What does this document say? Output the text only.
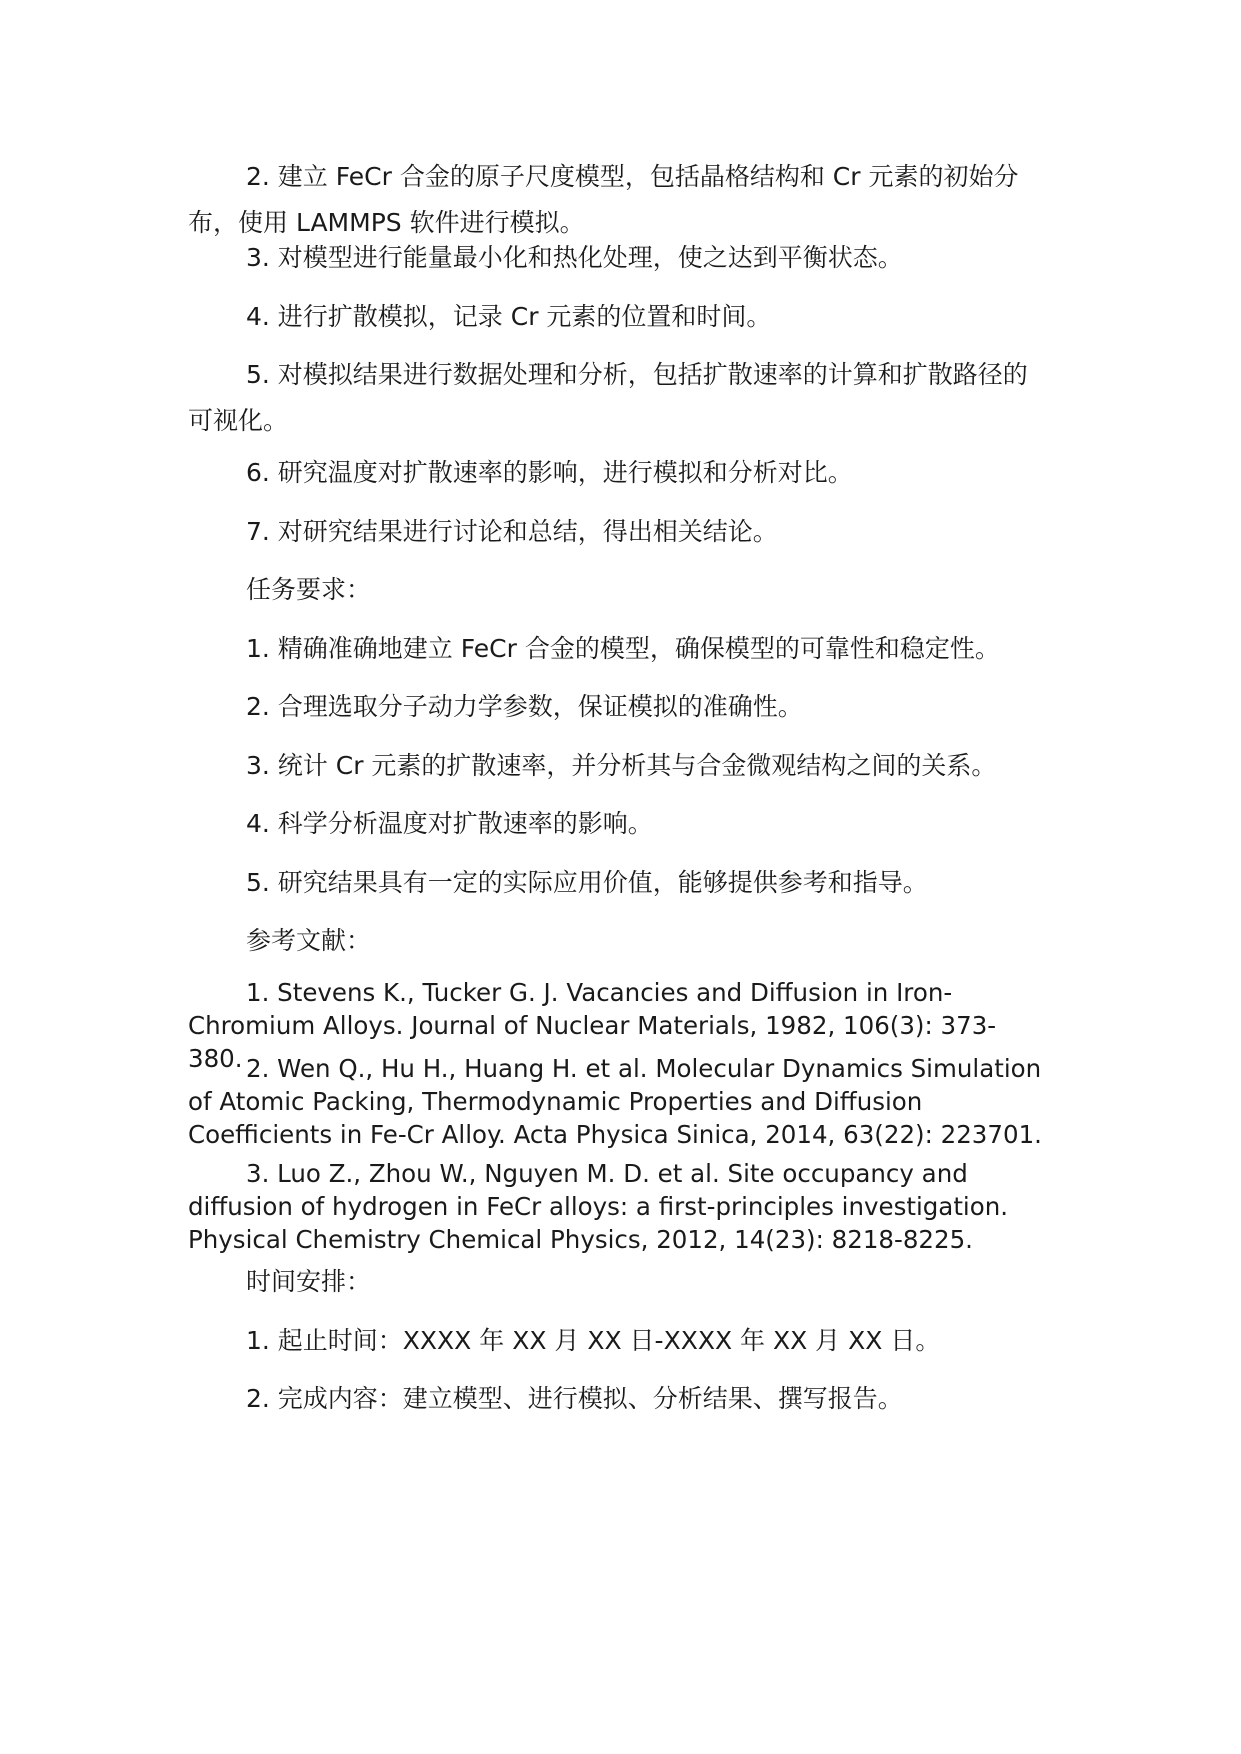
2. 建立 FeCr 合金的原子尺度模型，包括晶格结构和 Cr 元素的初始分布，使用 LAMMPS 软件进行模拟。

3. 对模型进行能量最小化和热化处理，使之达到平衡状态。

4. 进行扩散模拟，记录 Cr 元素的位置和时间。

5. 对模拟结果进行数据处理和分析，包括扩散速率的计算和扩散路径的可视化。

6. 研究温度对扩散速率的影响，进行模拟和分析对比。

7. 对研究结果进行讨论和总结，得出相关结论。

任务要求：

1. 精确准确地建立 FeCr 合金的模型，确保模型的可靠性和稳定性。

2. 合理选取分子动力学参数，保证模拟的准确性。

3. 统计 Cr 元素的扩散速率，并分析其与合金微观结构之间的关系。

4. 科学分析温度对扩散速率的影响。

5. 研究结果具有一定的实际应用价值，能够提供参考和指导。

参考文献：

1. Stevens K., Tucker G. J. Vacancies and Diffusion in Iron-Chromium Alloys. Journal of Nuclear Materials, 1982, 106(3): 373-380. 2. Wen Q., Hu H., Huang H. et al. Molecular Dynamics Simulation of Atomic Packing, Thermodynamic Properties and Diffusion Coefficients in Fe-Cr Alloy. Acta Physica Sinica, 2014, 63(22): 223701.

3. Luo Z., Zhou W., Nguyen M. D. et al. Site occupancy and diffusion of hydrogen in FeCr alloys: a first-principles investigation. Physical Chemistry Chemical Physics, 2012, 14(23): 8218-8225.

时间安排：

1. 起止时间：XXXX 年 XX 月 XX 日-XXXX 年 XX 月 XX 日。

2. 完成内容：建立模型、进行模拟、分析结果、撰写报告。
